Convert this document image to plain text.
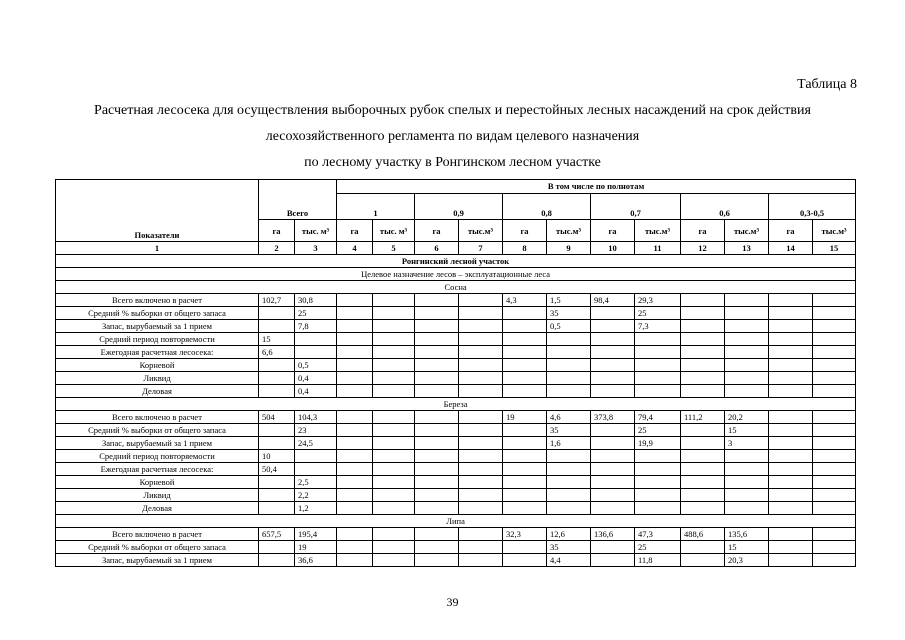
Таблица 8
Расчетная лесосека для осуществления выборочных рубок спелых и перестойных лесных насаждений на срок действия
лесохозяйственного регламента по видам целевого назначения
по лесному участку в Ронгинском лесном участке
Показатели	Всего		В том числе по полнотам											
			1		0,9		0,8		0,7		0,6		0,3-0,5	
	га	тыс. м³	га	тыс. м³	га	тыс.м³	га	тыс.м³	га	тыс.м³	га	тыс.м³	га	тыс.м³
1	2	3	4	5	6	7	8	9	10	11	12	13	14	15
Ронгинский лесной участок														
Целевое назначение лесов – эксплуатационные леса														
Сосна														
Всего включено в расчет	102,7	30,8					4,3	1,5	98,4	29,3				
Средний % выборки от общего запаса		25						35		25				
Запас, вырубаемый за 1 прием		7,8						0,5		7,3				
Средний период повторяемости	15													
Ежегодная расчетная лесосека:	6,6													
Корневой		0,5												
Ликвид		0,4												
Деловая		0,4												
Береза														
Всего включено в расчет	504	104,3					19	4,6	373,8	79,4	111,2	20,2		
Средний % выборки от общего запаса		23						35		25		15		
Запас, вырубаемый за 1 прием		24,5						1,6		19,9		3		
Средний период повторяемости	10													
Ежегодная расчетная лесосека:	50,4													
Корневой		2,5												
Ликвид		2,2												
Деловая		1,2												
Липа														
Всего включено в расчет	657,5	195,4					32,3	12,6	136,6	47,3	488,6	135,6		
Средний % выборки от общего запаса		19						35		25		15		
Запас, вырубаемый за 1 прием		36,6						4,4		11,8		20,3		
39
